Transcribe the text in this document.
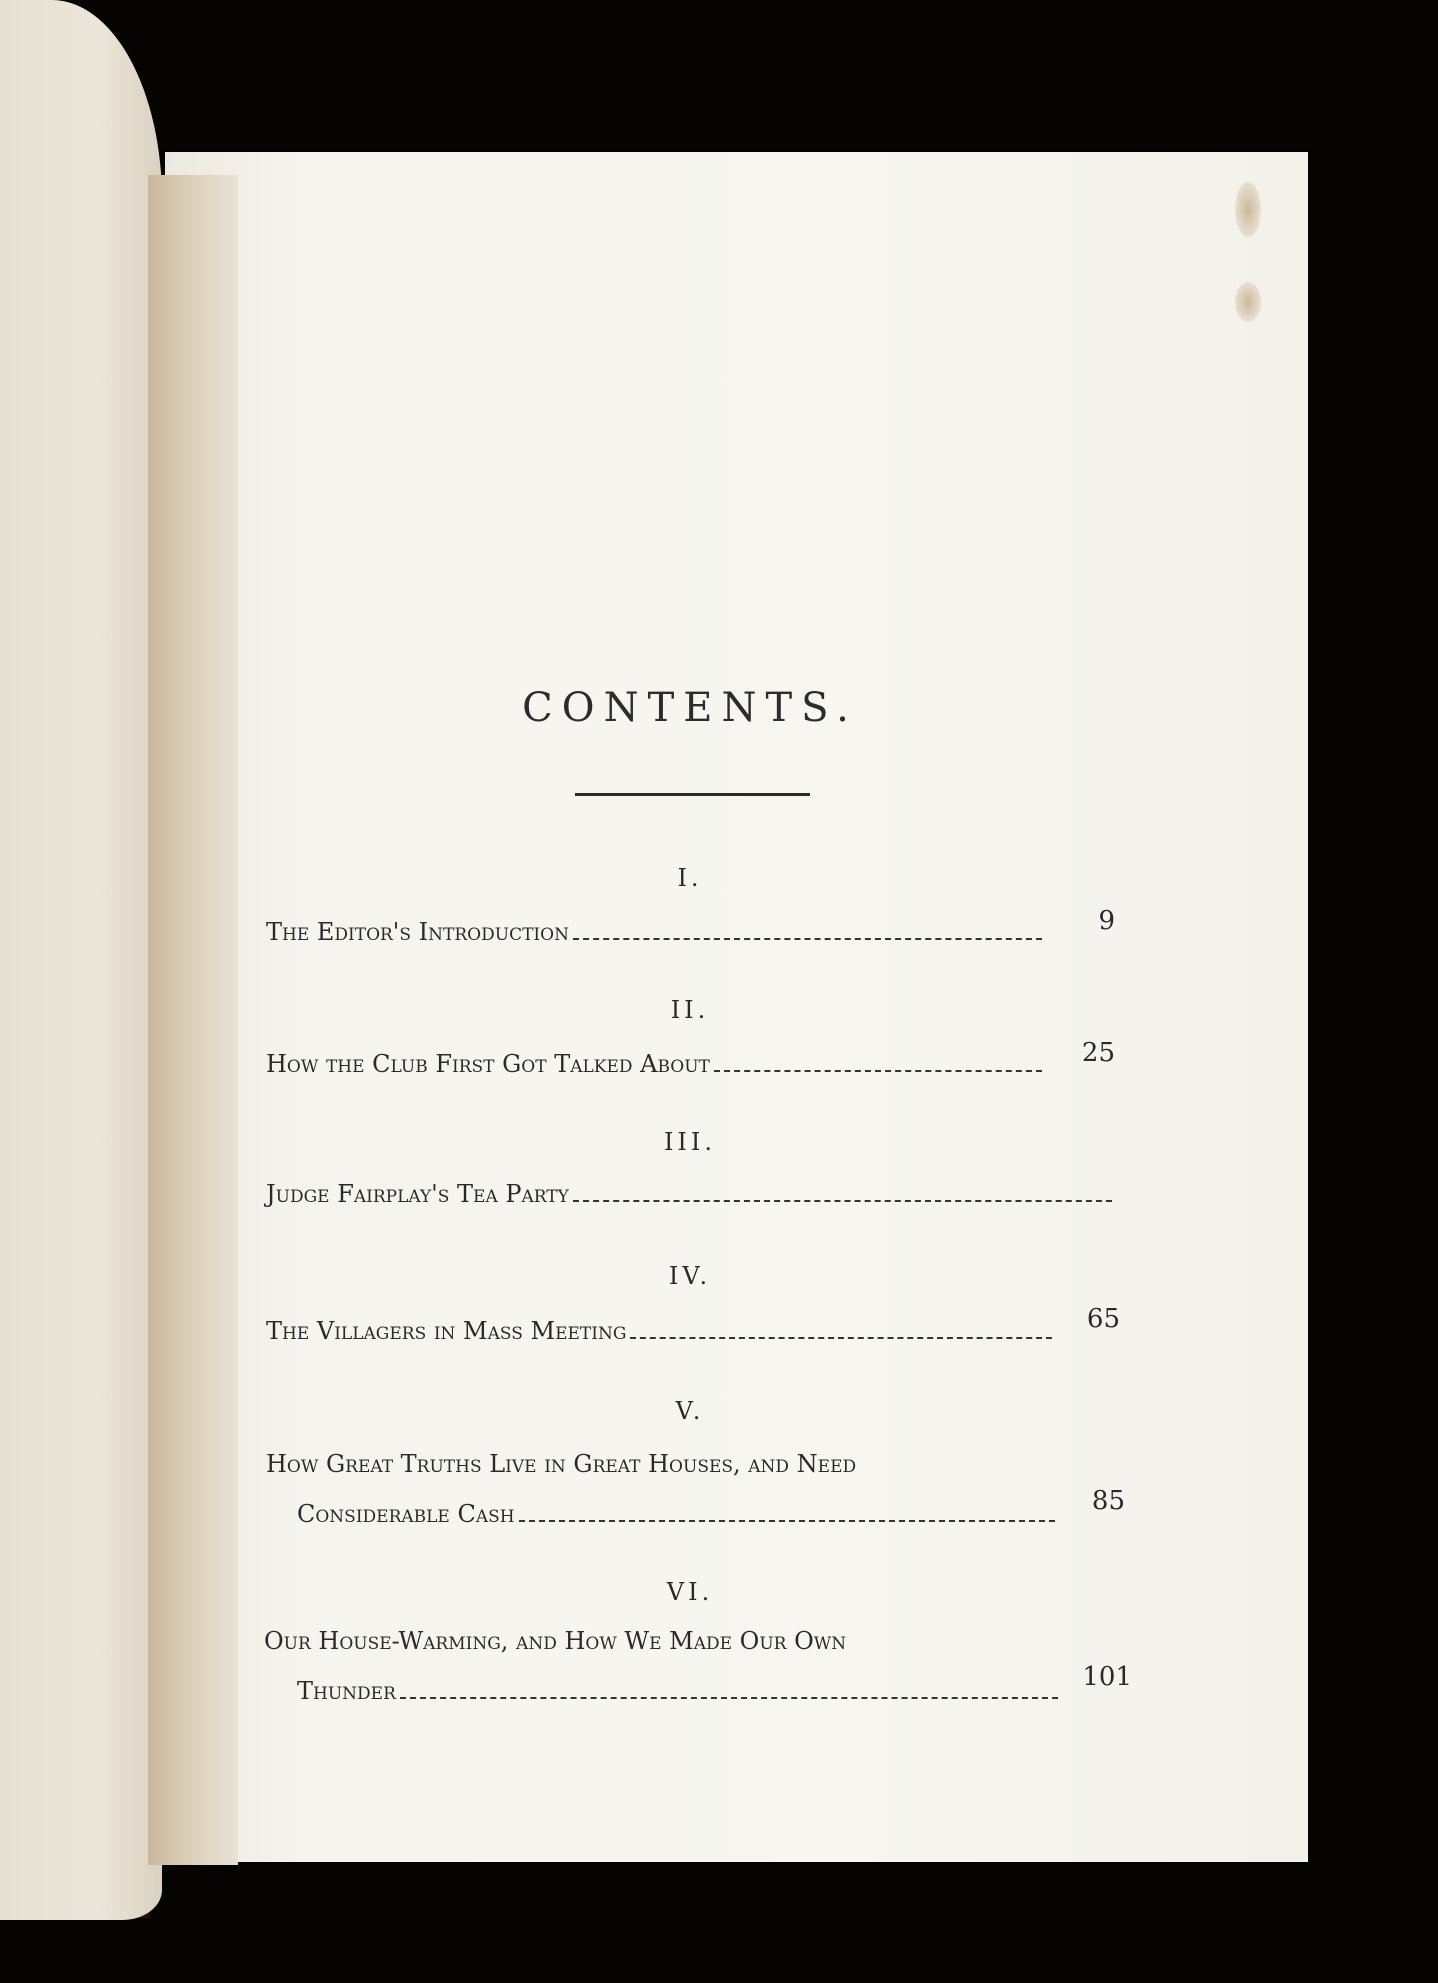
CONTENTS.
I.
The Editor's Introduction	9
II.
How the Club First Got Talked About	25
III.
Judge Fairplay's Tea Party
IV.
The Villagers in Mass Meeting	65
V.
How Great Truths Live in Great Houses, and Need
Considerable Cash	85
VI.
Our House-Warming, and How We Made Our Own
Thunder	101
